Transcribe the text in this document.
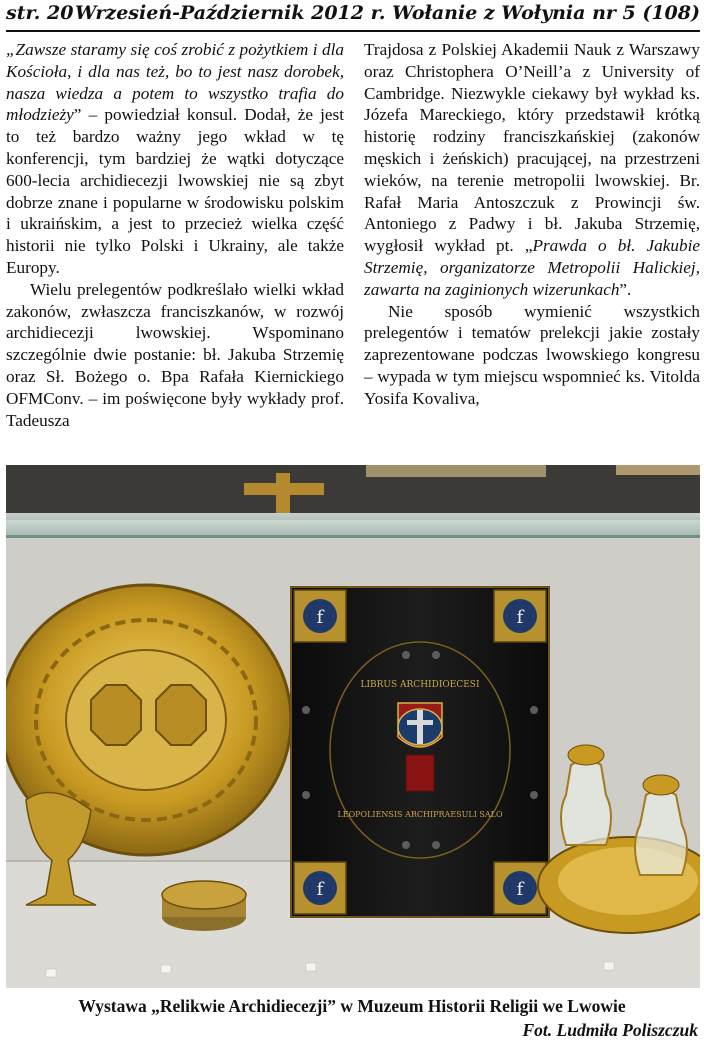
str. 20 Wrzesień-Październik 2012 r. Wołanie z Wołynia nr 5 (108)

„Zawsze staramy się coś zrobić z pożytkiem i dla Kościoła, i dla nas też, bo to jest nasz dorobek, nasza wiedza a potem to wszystko trafia do młodzieży” – powiedział konsul. Dodał, że jest to też bardzo ważny jego wkład w tę konferencji, tym bardziej że wątki dotyczące 600-lecia archidiecezji lwowskiej nie są zbyt dobrze znane i popularne w środowisku polskim i ukraińskim, a jest to przecież wielka część historii nie tylko Polski i Ukrainy, ale także Europy.

Wielu prelegentów podkreślało wielki wkład zakonów, zwłaszcza franciszkanów, w rozwój archidiecezji lwowskiej. Wspominano szczególnie dwie postanie: bł. Jakuba Strzemię oraz Sł. Bożego o. Bpa Rafała Kiernickiego OFMConv. – im poświęcone były wykłady prof. Tadeusza

Trajdosa z Polskiej Akademii Nauk z Warszawy oraz Christophera O’Neill’a z University of Cambridge. Niezwykle ciekawy był wykład ks. Józefa Mareckiego, który przedstawił krótką historię rodziny franciszkańskiej (zakonów męskich i żeńskich) pracującej, na przestrzeni wieków, na terenie metropolii lwowskiej. Br. Rafał Maria Antoszczuk z Prowincji św. Antoniego z Padwy i bł. Jakuba Strzemię, wygłosił wykład pt. „Prawda o bł. Jakubie Strzemię, organizatorze Metropolii Halickiej, zawarta na zaginionych wizerunkach”.

Nie sposób wymienić wszystkich prelegentów i tematów prelekcji jakie zostały zaprezentowane podczas lwowskiego kongresu – wypada w tym miejscu wspomnieć ks. Vitolda Yosifa Kovaliva,

f	f
f	f
LIBRUS ARCHIDIOECESI
LEOPOLIENSIS ARCHIPRAESULI SALO
Wystawa „Relikwie Archidiecezji” w Muzeum Historii Religii we Lwowie
Fot. Ludmiła Poliszczuk
